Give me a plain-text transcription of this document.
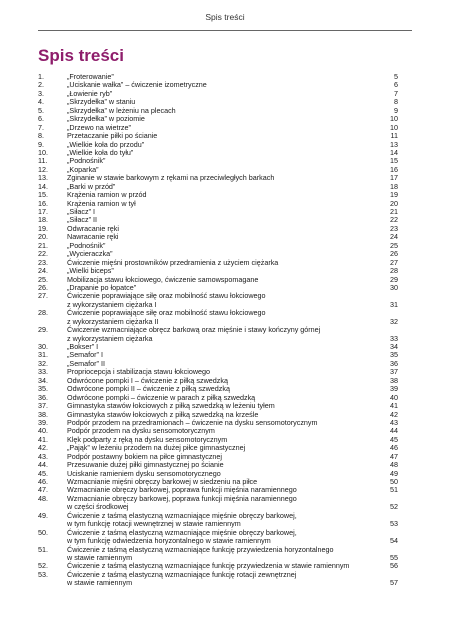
Spis treści
Spis treści
1.	„Froterowanie”	5
2.	„Uciskanie wałka” – ćwiczenie izometryczne	6
3.	„Łowienie ryb”	7
4.	„Skrzydełka” w staniu	8
5.	„Skrzydełka” w leżeniu na plecach	9
6.	„Skrzydełka” w poziomie	10
7.	„Drzewo na wietrze”	10
8.	Przetaczanie piłki po ścianie	11
9.	„Wielkie koła do przodu”	13
10.	„Wielkie koła do tyłu”	14
11.	„Podnośnik”	15
12.	„Koparka”	16
13.	Zginanie w stawie barkowym z rękami na przeciwległych barkach	17
14.	„Barki w przód”	18
15.	Krążenia ramion w przód	19
16.	Krążenia ramion w tył	20
17.	„Siłacz” I	21
18.	„Siłacz” II	22
19.	Odwracanie ręki	23
20.	Nawracanie ręki	24
21.	„Podnośnik”	25
22.	„Wycieraczka”	26
23.	Ćwiczenie mięśni prostowników przedramienia z użyciem ciężarka	27
24.	„Wielki biceps”	28
25.	Mobilizacja stawu łokciowego, ćwiczenie samowspomagane	29
26.	„Drapanie po łopatce”	30
27.	Ćwiczenie poprawiające siłę oraz mobilność stawu łokciowego
z wykorzystaniem ciężarka I	31
28.	Ćwiczenie poprawiające siłę oraz mobilność stawu łokciowego
z wykorzystaniem ciężarka II	32
29.	Ćwiczenie wzmacniające obręcz barkową oraz mięśnie i stawy kończyny górnej
z wykorzystaniem ciężarka	33
30.	„Bokser” I	34
31.	„Semafor” I	35
32.	„Semafor” II	36
33.	Propriocepcja i stabilizacja stawu łokciowego	37
34.	Odwrócone pompki I – ćwiczenie z piłką szwedzką	38
35.	Odwrócone pompki II – ćwiczenie z piłką szwedzką	39
36.	Odwrócone pompki – ćwiczenie w parach z piłką szwedzką	40
37.	Gimnastyka stawów łokciowych z piłką szwedzką w leżeniu tyłem	41
38.	Gimnastyka stawów łokciowych z piłką szwedzką na krześle	42
39.	Podpór przodem na przedramionach – ćwiczenie na dysku sensomotorycznym	43
40.	Podpór przodem na dysku sensomotorycznym	44
41.	Klęk podparty z ręką na dysku sensomotorycznym	45
42.	„Pająk” w leżeniu przodem na dużej piłce gimnastycznej	46
43.	Podpór postawny bokiem na piłce gimnastycznej	47
44.	Przesuwanie dużej piłki gimnastycznej po ścianie	48
45.	Uciskanie ramieniem dysku sensomotorycznego	49
46.	Wzmacnianie mięśni obręczy barkowej w siedzeniu na piłce	50
47.	Wzmacnianie obręczy barkowej, poprawa funkcji mięśnia naramiennego	51
48.	Wzmacnianie obręczy barkowej, poprawa funkcji mięśnia naramiennego
w części środkowej	52
49.	Ćwiczenie z taśmą elastyczną wzmacniające mięśnie obręczy barkowej,
w tym funkcję rotacji wewnętrznej w stawie ramiennym	53
50.	Ćwiczenie z taśmą elastyczną wzmacniające mięśnie obręczy barkowej,
w tym funkcję odwiedzenia horyzontalnego w stawie ramiennym	54
51.	Ćwiczenie z taśmą elastyczną wzmacniające funkcję przywiedzenia horyzontalnego
w stawie ramiennym	55
52.	Ćwiczenie z taśmą elastyczną wzmacniające funkcję przywiedzenia w stawie ramiennym	56
53.	Ćwiczenie z taśmą elastyczną wzmacniające funkcję rotacji zewnętrznej
w stawie ramiennym	57
